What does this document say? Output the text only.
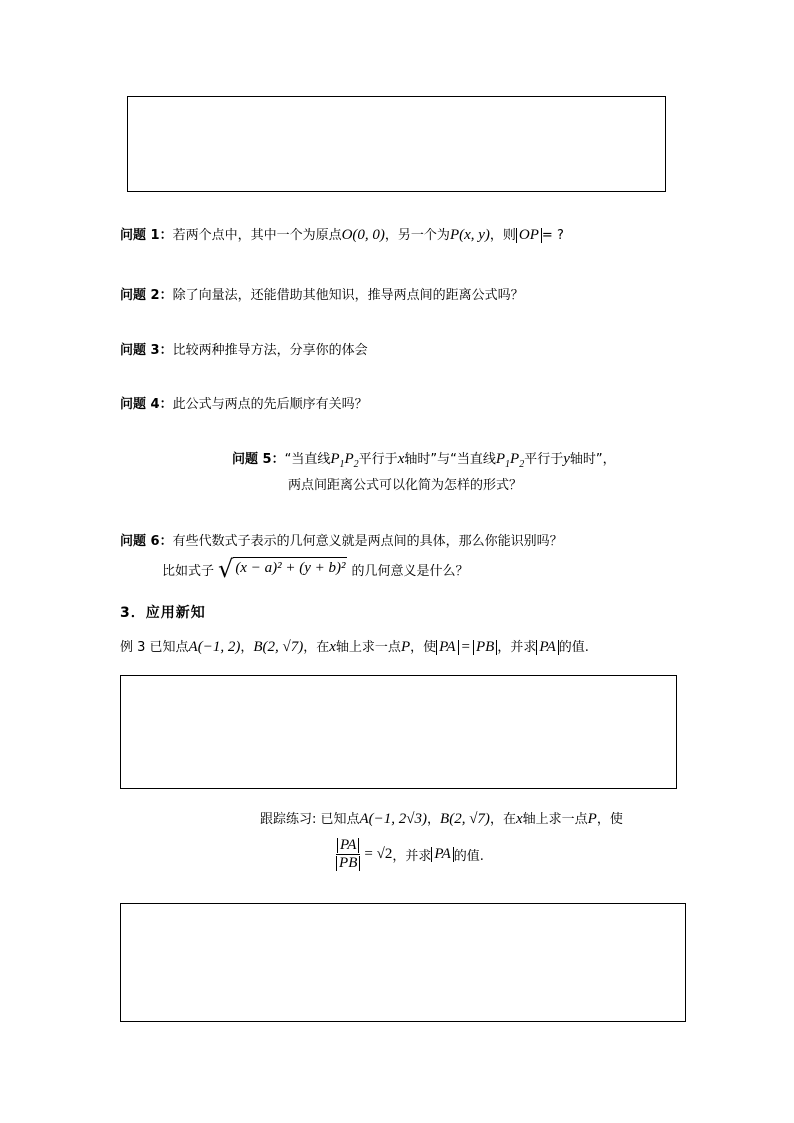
问题 1：若两个点中，其中一个为原点O(0, 0)，另一个为P(x, y)，则 OP = ?
问题 2：除了向量法，还能借助其他知识，推导两点间的距离公式吗？
问题 3：比较两种推导方法，分享你的体会
问题 4：此公式与两点的先后顺序有关吗？
问题 5：“当直线$P_1P_2$平行于x轴时”与“当直线$P_1P_2$平行于y轴时”，
两点间距离公式可以化简为怎样的形式？
问题 6：有些代数式子表示的几何意义就是两点间的具体，那么你能识别吗？
比如式子 √ (x − a)² + (y + b)² 的几何意义是什么？
3．应用新知
例 3 已知点A(−1, 2)，B(2, √7)，在x轴上求一点P，使 PA = PB ，并求 PA 的值.
跟踪练习: 已知点A(−1, 2√3)，B(2, √7)，在x轴上求一点P，使
$\frac{PA}{PB} = √2$ ，并求 PA 的值.
